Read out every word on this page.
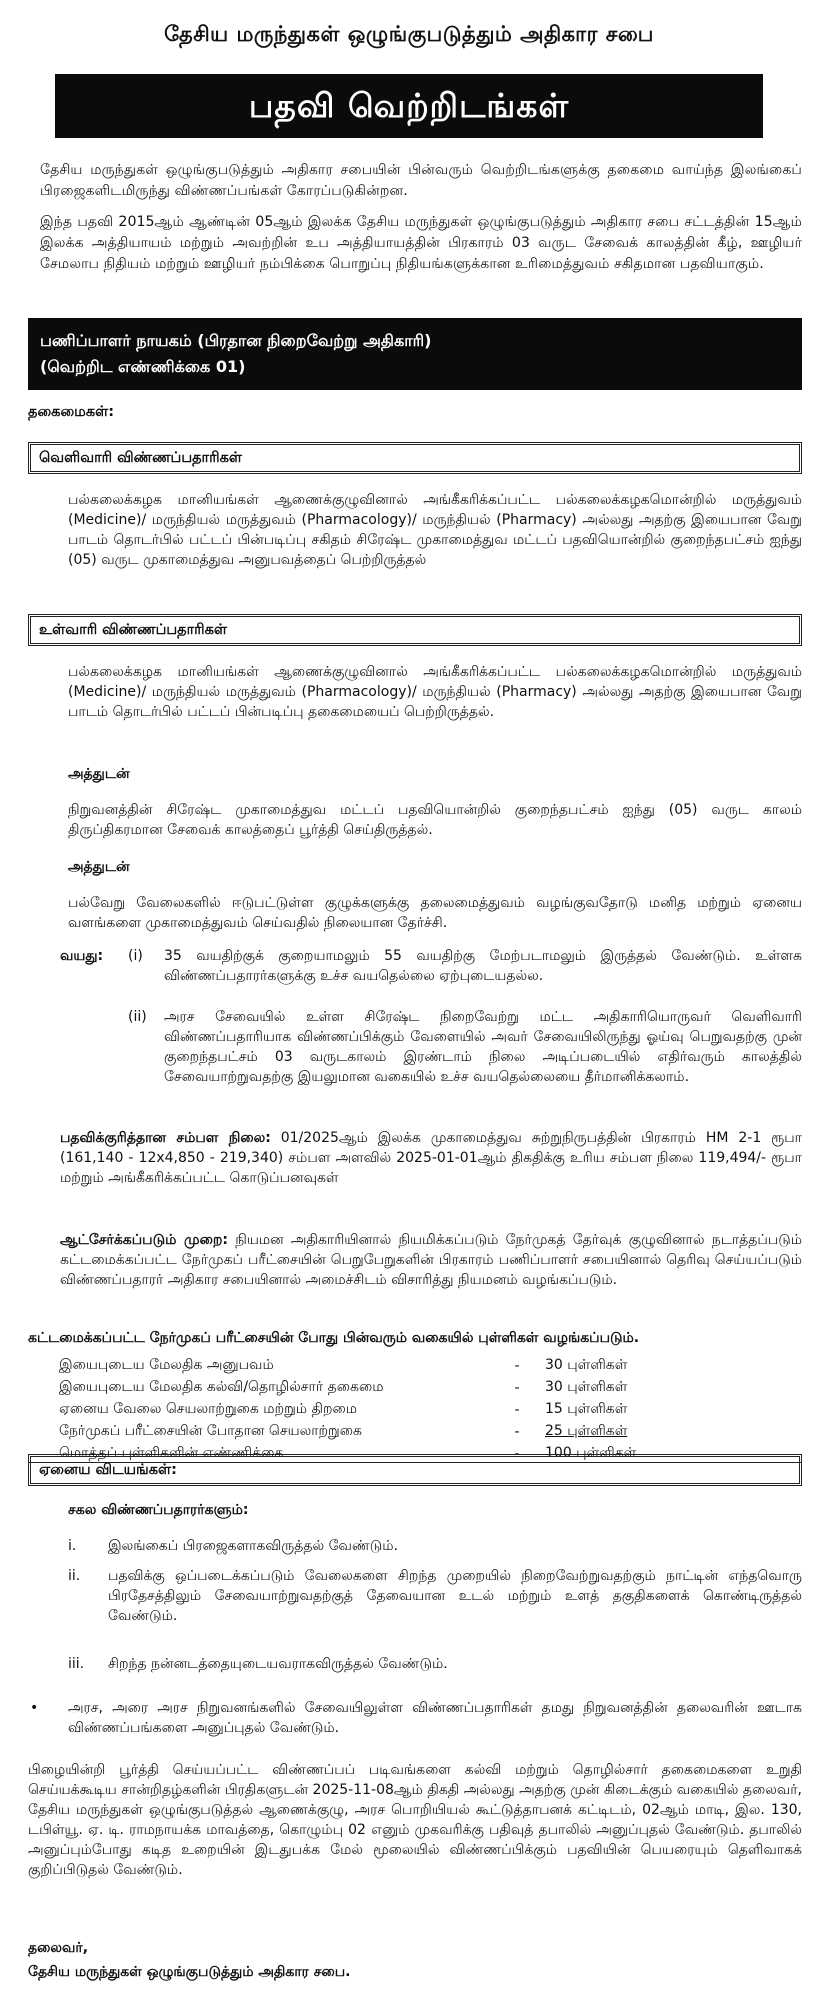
தேசிய மருந்துகள் ஒழுங்குபடுத்தும் அதிகார சபை
பதவி வெற்றிடங்கள்
தேசிய மருந்துகள் ஒழுங்குபடுத்தும் அதிகார சபையின் பின்வரும் வெற்றிடங்களுக்கு தகைமை வாய்ந்த இலங்கைப் பிரஜைகளிடமிருந்து விண்ணப்பங்கள் கோரப்படுகின்றன.
இந்த பதவி 2015ஆம் ஆண்டின் 05ஆம் இலக்க தேசிய மருந்துகள் ஒழுங்குபடுத்தும் அதிகார சபை சட்டத்தின் 15ஆம் இலக்க அத்தியாயம் மற்றும் அவற்றின் உப அத்தியாயத்தின் பிரகாரம் 03 வருட சேவைக் காலத்தின் கீழ், ஊழியர் சேமலாப நிதியம் மற்றும் ஊழியர் நம்பிக்கை பொறுப்பு நிதியங்களுக்கான உரிமைத்துவம் சகிதமான பதவியாகும்.
பணிப்பாளர் நாயகம் (பிரதான நிறைவேற்று அதிகாரி)
(வெற்றிட எண்ணிக்கை 01)
தகைமைகள்:
வெளிவாரி விண்ணப்பதாரிகள்
பல்கலைக்கழக மானியங்கள் ஆணைக்குழுவினால் அங்கீகரிக்கப்பட்ட பல்கலைக்கழகமொன்றில் மருத்துவம் (Medicine)/ மருந்தியல் மருத்துவம் (Pharmacology)/ மருந்தியல் (Pharmacy) அல்லது அதற்கு இயைபான வேறு பாடம் தொடர்பில் பட்டப் பின்படிப்பு சகிதம் சிரேஷ்ட முகாமைத்துவ மட்டப் பதவியொன்றில் குறைந்தபட்சம் ஐந்து (05) வருட முகாமைத்துவ அனுபவத்தைப் பெற்றிருத்தல்
உள்வாரி விண்ணப்பதாரிகள்
பல்கலைக்கழக மானியங்கள் ஆணைக்குழுவினால் அங்கீகரிக்கப்பட்ட பல்கலைக்கழகமொன்றில் மருத்துவம் (Medicine)/ மருந்தியல் மருத்துவம் (Pharmacology)/ மருந்தியல் (Pharmacy) அல்லது அதற்கு இயைபான வேறு பாடம் தொடர்பில் பட்டப் பின்படிப்பு தகைமையைப் பெற்றிருத்தல்.
அத்துடன்
நிறுவனத்தின் சிரேஷ்ட முகாமைத்துவ மட்டப் பதவியொன்றில் குறைந்தபட்சம் ஐந்து (05) வருட காலம் திருப்திகரமான சேவைக் காலத்தைப் பூர்த்தி செய்திருத்தல்.
அத்துடன்
பல்வேறு வேலைகளில் ஈடுபட்டுள்ள குழுக்களுக்கு தலைமைத்துவம் வழங்குவதோடு மனித மற்றும் ஏனைய வளங்களை முகாமைத்துவம் செய்வதில் நிலையான தேர்ச்சி.
வயது: (i) 35 வயதிற்குக் குறையாமலும் 55 வயதிற்கு மேற்படாமலும் இருத்தல் வேண்டும். உள்ளக விண்ணப்பதாரர்களுக்கு உச்ச வயதெல்லை ஏற்புடையதல்ல.
(ii) அரச சேவையில் உள்ள சிரேஷ்ட நிறைவேற்று மட்ட அதிகாரியொருவர் வெளிவாரி விண்ணப்பதாரியாக விண்ணப்பிக்கும் வேளையில் அவர் சேவையிலிருந்து ஓய்வு பெறுவதற்கு முன் குறைந்தபட்சம் 03 வருடகாலம் இரண்டாம் நிலை அடிப்படையில் எதிர்வரும் காலத்தில் சேவையாற்றுவதற்கு இயலுமான வகையில் உச்ச வயதெல்லையை தீர்மானிக்கலாம்.
பதவிக்குரித்தான சம்பள நிலை: 01/2025ஆம் இலக்க முகாமைத்துவ சுற்றுநிருபத்தின் பிரகாரம் HM 2-1 ரூபா (161,140 - 12x4,850 - 219,340) சம்பள அளவில் 2025-01-01ஆம் திகதிக்கு உரிய சம்பள நிலை 119,494/- ரூபா மற்றும் அங்கீகரிக்கப்பட்ட கொடுப்பனவுகள்
ஆட்சேர்க்கப்படும் முறை: நியமன அதிகாரியினால் நியமிக்கப்படும் நேர்முகத் தேர்வுக் குழுவினால் நடாத்தப்படும் கட்டமைக்கப்பட்ட நேர்முகப் பரீட்சையின் பெறுபேறுகளின் பிரகாரம் பணிப்பாளர் சபையினால் தெரிவு செய்யப்படும் விண்ணப்பதாரர் அதிகார சபையினால் அமைச்சிடம் விசாரித்து நியமனம் வழங்கப்படும்.
கட்டமைக்கப்பட்ட நேர்முகப் பரீட்சையின் போது பின்வரும் வகையில் புள்ளிகள் வழங்கப்படும்.
இயைபுடைய மேலதிக அனுபவம்	-	30 புள்ளிகள்
இயைபுடைய மேலதிக கல்வி/தொழில்சார் தகைமை	-	30 புள்ளிகள்
ஏனைய வேலை செயலாற்றுகை மற்றும் திறமை	-	15 புள்ளிகள்
நேர்முகப் பரீட்சையின் போதான செயலாற்றுகை	-	25 புள்ளிகள்
மொத்தப் புள்ளிகளின் எண்ணிக்கை	-	100 புள்ளிகள்
ஏனைய விடயங்கள்:
சகல விண்ணப்பதாரர்களும்:
i.	இலங்கைப் பிரஜைகளாகவிருத்தல் வேண்டும்.
ii.	பதவிக்கு ஒப்படைக்கப்படும் வேலைகளை சிறந்த முறையில் நிறைவேற்றுவதற்கும் நாட்டின் எந்தவொரு பிரதேசத்திலும் சேவையாற்றுவதற்குத் தேவையான உடல் மற்றும் உளத் தகுதிகளைக் கொண்டிருத்தல் வேண்டும்.
iii.	சிறந்த நன்னடத்தையுடையவராகவிருத்தல் வேண்டும்.
• அரச, அரை அரச நிறுவனங்களில் சேவையிலுள்ள விண்ணப்பதாரிகள் தமது நிறுவனத்தின் தலைவரின் ஊடாக விண்ணப்பங்களை அனுப்புதல் வேண்டும்.
பிழையின்றி பூர்த்தி செய்யப்பட்ட விண்ணப்பப் படிவங்களை கல்வி மற்றும் தொழில்சார் தகைமைகளை உறுதி செய்யக்கூடிய சான்றிதழ்களின் பிரதிகளுடன் 2025-11-08ஆம் திகதி அல்லது அதற்கு முன் கிடைக்கும் வகையில் தலைவர், தேசிய மருந்துகள் ஒழுங்குபடுத்தல் ஆணைக்குழு, அரச பொறியியல் கூட்டுத்தாபனக் கட்டிடம், 02ஆம் மாடி, இல. 130, டபிள்யூ. ஏ. டி. ராமநாயக்க மாவத்தை, கொழும்பு 02 எனும் முகவரிக்கு பதிவுத் தபாலில் அனுப்புதல் வேண்டும். தபாலில் அனுப்பும்போது கடித உறையின் இடதுபக்க மேல் மூலையில் விண்ணப்பிக்கும் பதவியின் பெயரையும் தெளிவாகக் குறிப்பிடுதல் வேண்டும்.
தலைவர்,
தேசிய மருந்துகள் ஒழுங்குபடுத்தும் அதிகார சபை.
